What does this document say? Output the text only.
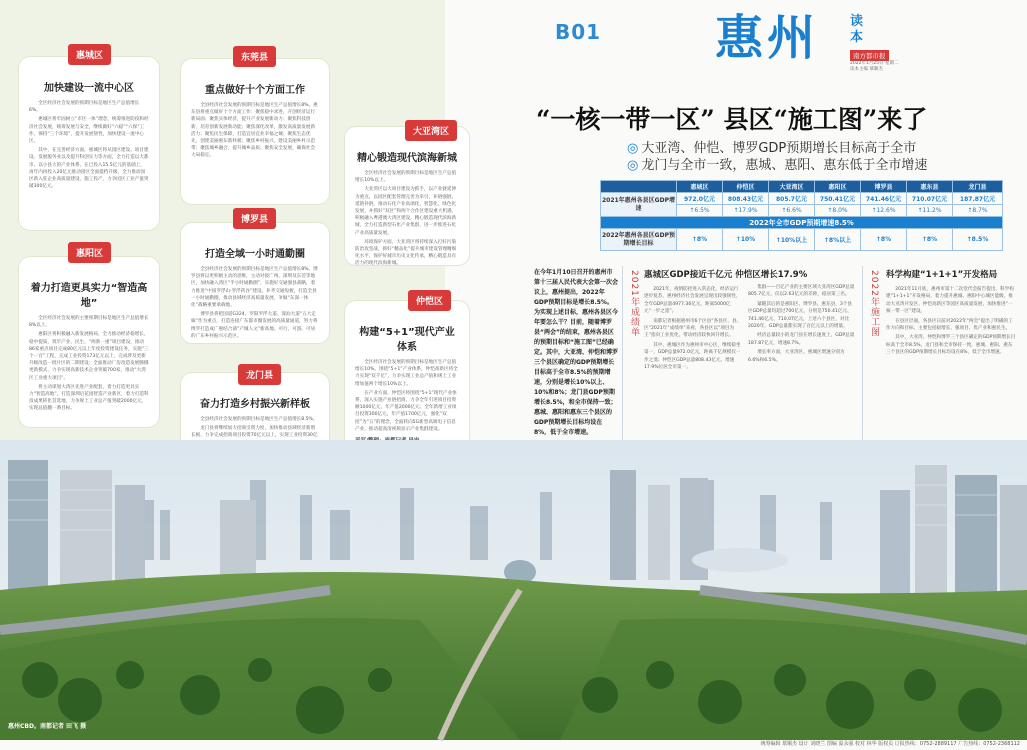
加快建设一流中心区

全区经济社会发展的预期目标是地区生产总值增长6%。

惠城区将牢固树立“市区一体”理念，统筹推进防疫和经济社会发展，统筹发展与安全，继续做好“六稳”“六保”工作，保持“三个环境”，提升发展韧性，加快建设一流中心区。

其中，在完善经济方面，惠城区将从园区建设、项目建设、发展服务业以及提升科创实力等方面，全力打造以大都市、以小县大的产业体系，在已投入15.5亿元的基础上，再年内再投入20亿元推动园区全面提档升级，全力推动园区新入驻企业高质量建设，施工投产，力争园区工业产值突破300亿元。

惠城区
重点做好十个方面工作

全县经济社会发展的预期目标是地区生产总值增长8%。惠东县将重点做好十个方面工作：聚焦稳中求进，开创经济运行新局面；聚焦实体经济，提升产业发展新动力；聚焦科技创新，培育创新发展新动能；聚焦深化改革，激发高质量发展新活力；聚焦民生保障，打造宜居宜业幸福之城；聚焦生态优先，创建美丽惠东新样板；聚焦乡村振兴，建设美丽乡村示范带；聚焦城乡融合，提升城乡品质；聚焦安全发展，确保社会大局稳定。

东莞县
精心锻造现代滨海新城

全区经济社会发展的预期目标是地区生产总值增长10%以上。

大亚湾区以大项目建设为抓手，以产业链延伸为重点，以园区配套管理完善为牵引，补链强链、延链补链，推动石化产业高端化、智慧化、绿色化发展，并抓好“双区”和两个合作区建设重大机遇，积极融入粤港澳大湾区建设，精心锻造现代滨海新城，全力打造新型石化产业集群，进一步推进石化产业高质量发展。

环境保护方面，大亚湾区将持续深入打好污染防治攻坚战，抓好“精品化”提升城市建设管理精细化水平，保护好城市历史文化传承，精心锻造具有活力的现代滨海新城。

大亚湾区
着力打造更具实力“智造高地”

全区经济社会发展的主要预期目标是地区生产总值增长8%以上。

惠阳区将积极融入新发展格局，全力推动经济稳增长，稳中提质，筑牢产业、民生、“两新一重”项目建设，推动86家重点项目完成80亿元以上年度投资建设任务，实施“三个一百”工程，完成工业投资173亿元以上，完成涉及更新升级改造一批片区的二期建设；全面推动厂房改造发展腾挪更新模式，力争实现高新技术企业突破700家，推动“大湾区工业重大项目”。

将主动谋划大湾区先进产业配套，着力打造更具实力“智造高地”。打造深圳后花园智造产业新区，着力打造科技成果转化首选地，力争规上工业总产值突破2000亿元，实现总值翻一番目标。

惠阳区	打造全域一小时通勤圈

全县经济社会发展的预期目标是地区生产总值增长8%。博罗县将以更积极主动的思维，主动对接广州、深圳及东莞等地区，加快融入湾区“半小时通勤圈”，实施好交通强县战略，着力推进“中国罗浮山·罗浮药谷”建设，补齐交通短板，打造全县一小时通勤圈，推动县域经济高质量发展，争做“东深一体化”战略重要承载地。

博罗县将把国道G324、罗阳罗浮大道、深汕大道“五大走廊”作为重点，打造连接广东都市圈发展的高质量通道，努力将博罗打造成广惠结合部“产城人文”新高地、可行、可游、可居的广东乡村振兴示范区。

博罗县
奋力打造乡村振兴新样板

全县经济社会发展的预期目标是地区生产总值增长8.5%。

龙门县将继续加大招商引资力度，加快推动县域经济新增长极，力争完成招商项目投资70亿元以上，实现工业投资30亿

龙门县
构建“5+1”现代产业体系

全区经济社会发展的预期目标是地区生产总值增长10%。围绕“5+1”产业体系，仲恺高新区将全力实现“双千亿”，力争实现工业总产值和规上工业增加值两个增长10%以上。

在产业方面，仲恺区将围绕“5+1”现代产业体系，深入实施产业链招商，力争全年引进项目投资额1000亿元，年产值2000亿元；全年新增工业项目投资300亿元，年产值1700亿元，强化“双招”为“五”的理念，全面转向5G新型高端电子信息产业，推动超高清视频显示产业集群建设。

仲恺区
B01 惠州 读本
南方都市报
2022年1月25日 星期二
读本主编 慕顺杰
“一核一带一区” 县区“施工图”来了
◎ 大亚湾、仲恺、博罗GDP预期增长目标高于全市
◎ 龙门与全市一致，惠城、惠阳、惠东低于全市增速
	惠城区	仲恺区	大亚湾区	惠阳区	博罗县	惠东县	龙门县
2021年惠州各县区GDP增速	972.0亿元	808.43亿元	805.7亿元	750.41亿元	741.46亿元	710.07亿元	187.87亿元
	↑6.5%	↑17.9%	↑6.6%	↑8.0%	↑12.6%	↑11.2%	↑8.7%
2022年全市GDP预期增速8.5%							
2022年惠州各县区GDP预期增长目标	↑8%	↑10%	↑10%以上	↑8%以上	↑8%	↑8%	↑8.5%
在今年1月10日召开的惠州市第十三届人民代表大会第一次会议上，惠州提出，2022年GDP预期目标是增长8.5%。为实现上述目标，惠州各县区今年要怎么干？目前，随着博罗县“两会”的结束，惠州各县区的预期目标和“施工图”已经确定。其中，大亚湾、仲恺和博罗三个县区确定的GDP预期增长目标高于全市8.5%的预期增速，分别是增长10%以上、10%和8%；龙门县GDP预期增长8.5%，和全市保持一致；惠城、惠阳和惠东三个县区的GDP预期增长目标均设在8%，低于全市增速。
2021年成绩单 惠城区GDP接近千亿元 仲恺区增长17.9%

2021年，疫情防控进入常态化，经济运行逐步复苏，惠州经济社会发展呈现出较强韧性，全年GDP总量4977.36亿元，距离5000亿元“一步之遥”。

南都记者根据惠州市6个区县“各县区、县、区”2021年“成绩单”来看，各县区以“项目为王”指向工业优化，带动经济较快回升增长。

其中，惠城区作为惠州市中心区，继续稳坐第一，GDP总量972.0亿元，距离千亿规模仅一步之遥；仲恺区GDP总量808.43亿元，增速17.9%位居全市第一。

集群——百亿产业的主要区域大亚湾区GDP总量805.7亿元，仅以2.63亿元的差距，稳居第三名。

紧随其后的是惠阳区、博罗县、惠东县，3个县区GDP总量均超过700亿元，分别是750.41亿元、741.46亿元、710.07亿元，上述六个县区，对比2020年，GDP总量都实现了百亿元以上的增量。

经济总量较小的龙门县在增长速度上，GDP总量187.87亿元，增速8.7%。

增长率方面，大亚湾区、惠城区增速分别为6.6%和6.5%。

2022年施工图 科学构建“1+1+1”开发格局

2021年11月底，惠州市第十二次党代会报告提出，科学构建“1+1+1”开发格局，着力提升惠城、惠阳中心城区能级，推动大亚湾开发区、仲恺高新区等园区高质量发展，加快推进“一核一带一区”建设。

在县区层面，各县区日前对2022年“两会”提出了明确的工作方向和目标，主要包括稳增长、强项目、优产业和惠民生。

其中，大亚湾、仲恺和博罗三个县区确定的GDP预期增长目标高于全市8.5%，龙门县和全市保持一致，惠城、惠阳、惠东三个县区的GDP预期增长目标均设在8%，低于全市增速。

惠州CBD。南都记者 田飞 摄
统筹编辑 慕顺杰 设计 刘晓兰 图编 温永强 校对 林华 版权页 订报热线：0752-2889117 广告热线：0752-2368112
